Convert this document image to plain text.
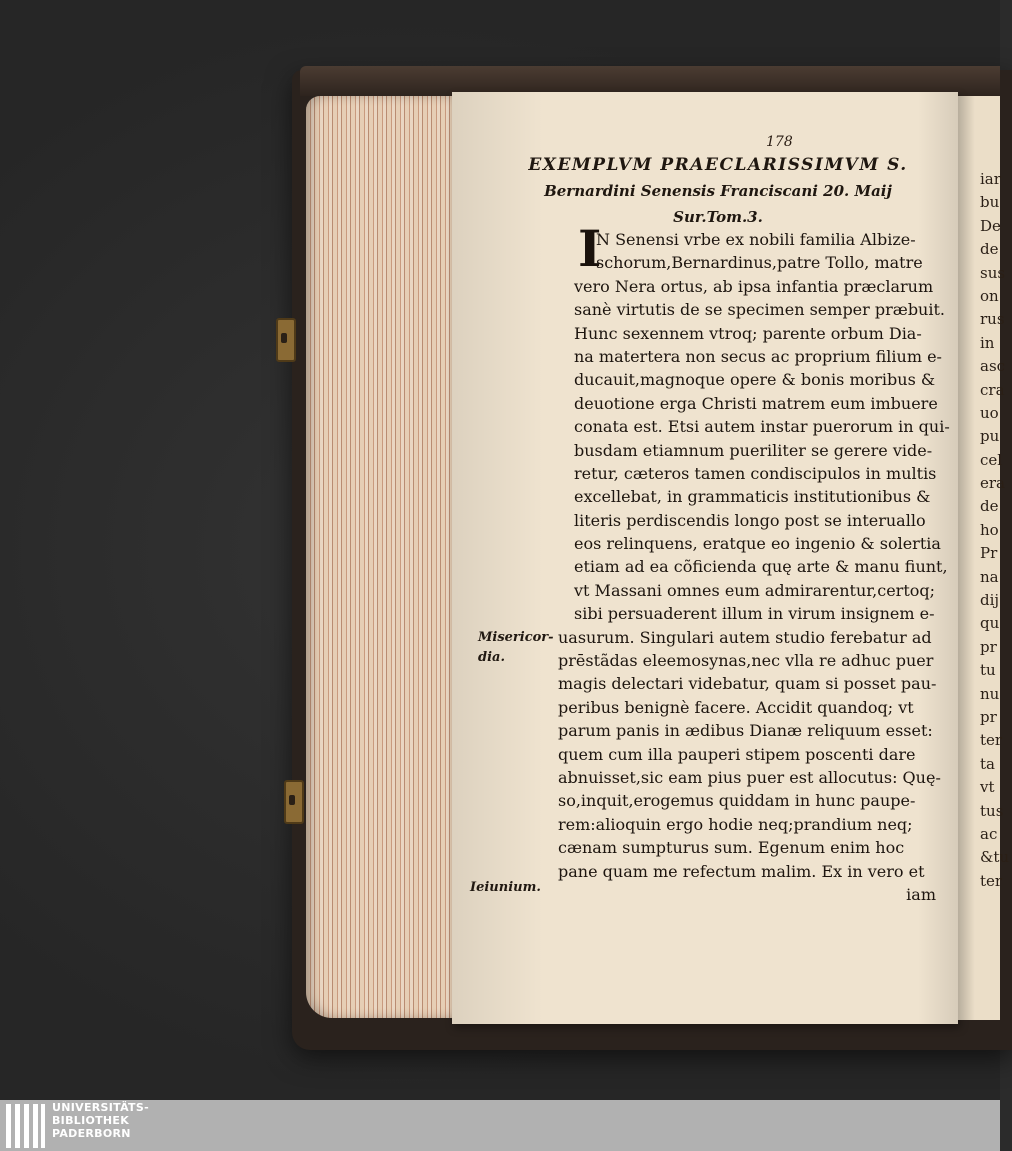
178
EXEMPLVM PRAECLARISSIMVM S.
Bernardini Senensis Franciscani 20. Maij
Sur.Tom.3.
I
N Senensi vrbe ex nobili familia Albize-
schorum,Bernardinus,patre Tollo, matre
vero Nera ortus, ab ipsa infantia præclarum
sanè virtutis de se specimen semper præbuit.
Hunc sexennem vtroq; parente orbum Dia-
na matertera non secus ac proprium filium e-
ducauit,magnoque opere & bonis moribus &
deuotione erga Christi matrem eum imbuere
conata est. Etsi autem instar puerorum in qui-
busdam etiamnum pueriliter se gerere vide-
retur, cæteros tamen condiscipulos in multis
excellebat, in grammaticis institutionibus &
literis perdiscendis longo post se interuallo
eos relinquens, eratque eo ingenio & solertia
etiam ad ea cõficienda quę arte & manu fiunt,
vt Massani omnes eum admirarentur,certoq;
sibi persuaderent illum in virum insignem e-
uasurum. Singulari autem studio ferebatur ad
prēstãdas eleemosynas,nec vlla re adhuc puer
magis delectari videbatur, quam si posset pau-
peribus benignè facere. Accidit quandoq; vt
parum panis in ædibus Dianæ reliquum esset:
quem cum illa pauperi stipem poscenti dare
abnuisset,sic eam pius puer est allocutus: Quę-
so,inquit,erogemus quiddam in hunc paupe-
rem:alioquin ergo hodie neq;prandium neq;
cænam sumpturus sum. Egenum enim hoc
pane quam me refectum malim. Ex in vero et
iam
Misericor-
dia.
Ieiunium.
iar
bu
De
de
sus
on
rus
in
asc
cra
uo
pu
cel
era
de
ho
Pr
na
dij
qu
pr
tu
nu
pr
ter
ta
vt
tus
ac
&tu
ter
UNIVERSITÄTS-
BIBLIOTHEK
PADERBORN
